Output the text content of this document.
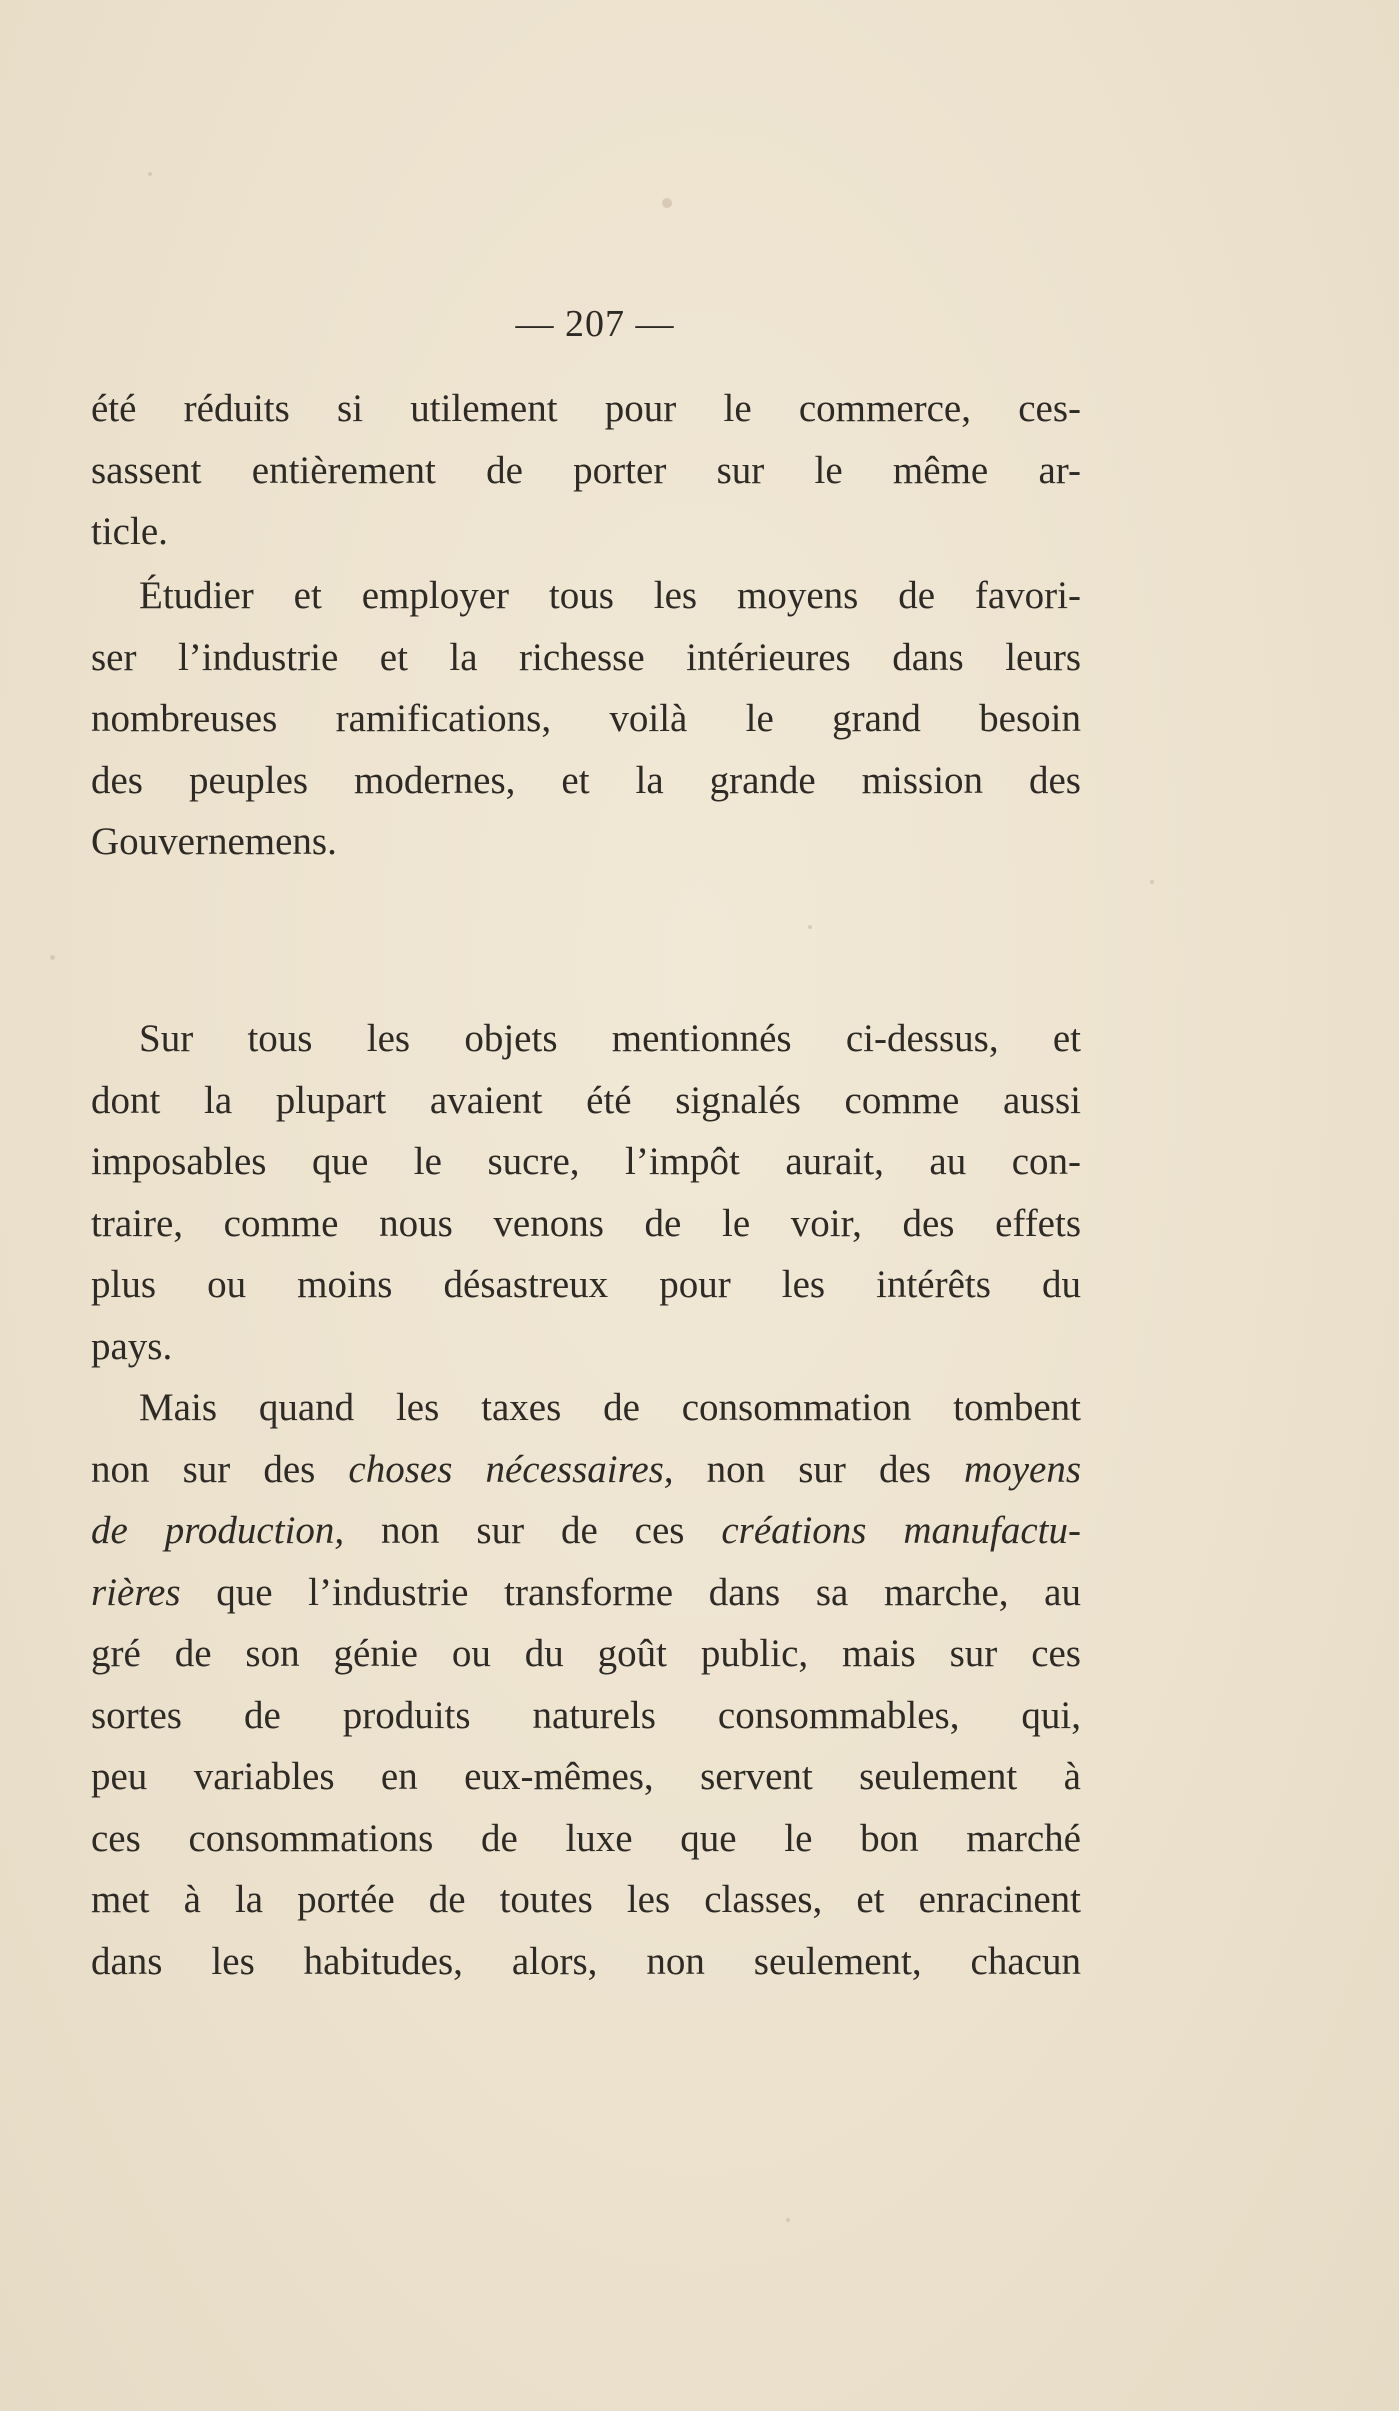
— 207 —
été réduits si utilement pour le commerce, ces-
sassent entièrement de porter sur le même ar-
ticle.
Étudier et employer tous les moyens de favori-
ser l’industrie et la richesse intérieures dans leurs
nombreuses ramifications, voilà le grand besoin
des peuples modernes, et la grande mission des
Gouvernemens.
Sur tous les objets mentionnés ci-dessus, et
dont la plupart avaient été signalés comme aussi
imposables que le sucre, l’impôt aurait, au con-
traire, comme nous venons de le voir, des effets
plus ou moins désastreux pour les intérêts du
pays.
Mais quand les taxes de consommation tombent
non sur des choses nécessaires, non sur des moyens
de production, non sur de ces créations manufactu-
rières que l’industrie transforme dans sa marche, au
gré de son génie ou du goût public, mais sur ces
sortes de produits naturels consommables, qui,
peu variables en eux-mêmes, servent seulement à
ces consommations de luxe que le bon marché
met à la portée de toutes les classes, et enracinent
dans les habitudes, alors, non seulement, chacun
